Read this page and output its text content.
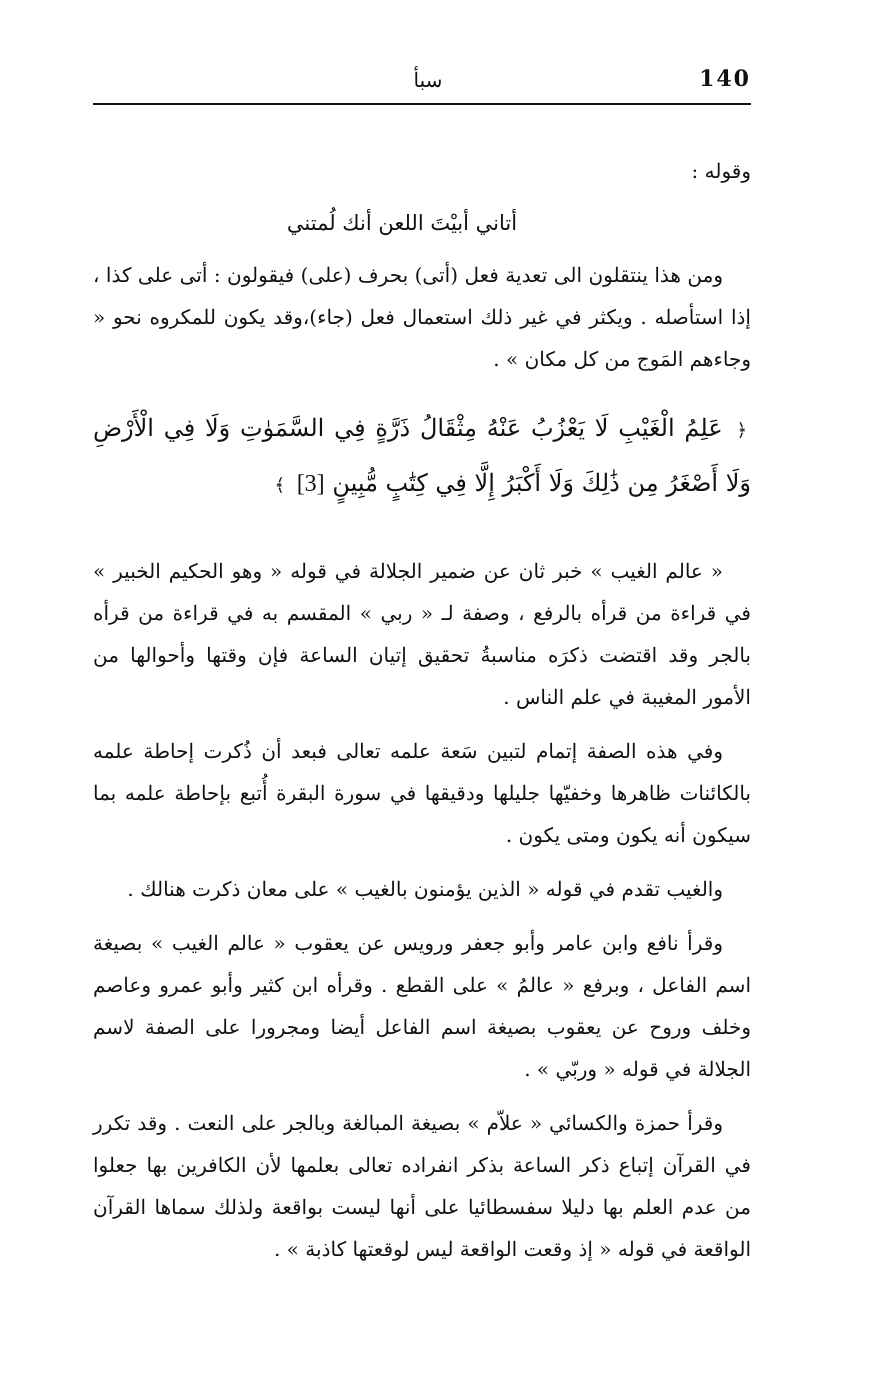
140
سبأ

وقوله :

أتاني أبيْتَ اللعن أنك لُمتني

ومن هذا ينتقلون الى تعدية فعل (أتى) بحرف (على) فيقولون : أتى على كذا ، إذا استأصله . ويكثر في غير ذلك استعمال فعل (جاء)،وقد يكون للمكروه نحو « وجاءهم المَوج من كل مكان » .

﴿ عَلِمُ الْغَيْبِ لَا يَعْزُبُ عَنْهُ مِثْقَالُ ذَرَّةٍ فِي السَّمَوٰتِ وَلَا فِي الْأَرْضِ وَلَا أَصْغَرُ مِن ذَٰلِكَ وَلَا أَكْبَرُ إِلَّا فِي كِتَٰبٍ مُّبِينٍ [3] ﴾

« عالم الغيب » خبر ثان عن ضمير الجلالة في قوله « وهو الحكيم الخبير » في قراءة من قرأه بالرفع ، وصفة لـ « ربي » المقسم به في قراءة من قرأه بالجر وقد اقتضت ذكرَه مناسبةُ تحقيق إتيان الساعة فإن وقتها وأحوالها من الأمور المغيبة في علم الناس .

وفي هذه الصفة إتمام لتبين سَعة علمه تعالى فبعد أن ذُكرت إحاطة علمه بالكائنات ظاهرها وخفيّها جليلها ودقيقها في سورة البقرة أُتبع بإحاطة علمه بما سيكون أنه يكون ومتى يكون .

والغيب تقدم في قوله « الذين يؤمنون بالغيب » على معان ذكرت هنالك .

وقرأ نافع وابن عامر وأبو جعفر ورويس عن يعقوب « عالم الغيب » بصيغة اسم الفاعل ، وبرفع « عالمُ » على القطع . وقرأه ابن كثير وأبو عمرو وعاصم وخلف وروح عن يعقوب بصيغة اسم الفاعل أيضا ومجرورا على الصفة لاسم الجلالة في قوله « وربّي » .

وقرأ حمزة والكسائي « علاّم » بصيغة المبالغة وبالجر على النعت . وقد تكرر في القرآن إتباع ذكر الساعة بذكر انفراده تعالى بعلمها لأن الكافرين بها جعلوا من عدم العلم بها دليلا سفسطائيا على أنها ليست بواقعة ولذلك سماها القرآن الواقعة في قوله « إذ وقعت الواقعة ليس لوقعتها كاذبة » .
